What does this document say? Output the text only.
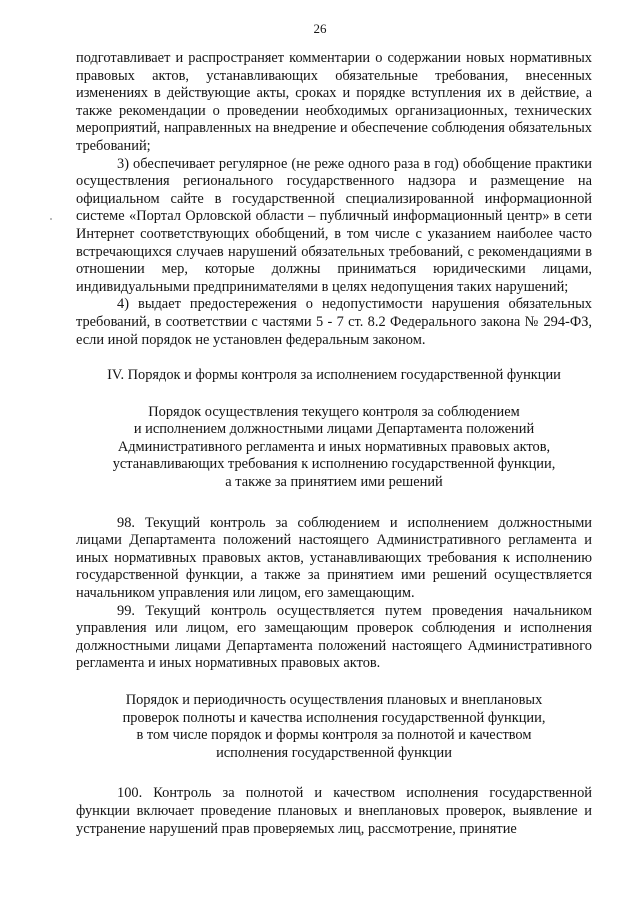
26

подготавливает и распространяет комментарии о содержании новых нормативных правовых актов, устанавливающих обязательные требования, внесенных изменениях в действующие акты, сроках и порядке вступления их в действие, а также рекомендации о проведении необходимых организационных, технических мероприятий, направленных на внедрение и обеспечение соблюдения обязательных требований;

3) обеспечивает регулярное (не реже одного раза в год) обобщение практики осуществления регионального государственного надзора и размещение на официальном сайте в государственной специализированной информационной системе «Портал Орловской области – публичный информационный центр» в сети Интернет соответствующих обобщений, в том числе с указанием наиболее часто встречающихся случаев нарушений обязательных требований, с рекомендациями в отношении мер, которые должны приниматься юридическими лицами, индивидуальными предпринимателями в целях недопущения таких нарушений;

4) выдает предостережения о недопустимости нарушения обязательных требований, в соответствии с частями 5 - 7 ст. 8.2 Федерального закона № 294-ФЗ, если иной порядок не установлен федеральным законом.

IV. Порядок и формы контроля за исполнением государственной функции

Порядок осуществления текущего контроля за соблюдением
и исполнением должностными лицами Департамента положений
Административного регламента и иных нормативных правовых актов,
устанавливающих требования к исполнению государственной функции,
а также за принятием ими решений

98. Текущий контроль за соблюдением и исполнением должностными лицами Департамента положений настоящего Административного регламента и иных нормативных правовых актов, устанавливающих требования к исполнению государственной функции, а также за принятием ими решений осуществляется начальником управления или лицом, его замещающим.

99. Текущий контроль осуществляется путем проведения начальником управления или лицом, его замещающим проверок соблюдения и исполнения должностными лицами Департамента положений настоящего Административного регламента и иных нормативных правовых актов.

Порядок и периодичность осуществления плановых и внеплановых
проверок полноты и качества исполнения государственной функции,
в том числе порядок и формы контроля за полнотой и качеством
исполнения государственной функции

100. Контроль за полнотой и качеством исполнения государственной функции включает проведение плановых и внеплановых проверок, выявление и устранение нарушений прав проверяемых лиц, рассмотрение, принятие
